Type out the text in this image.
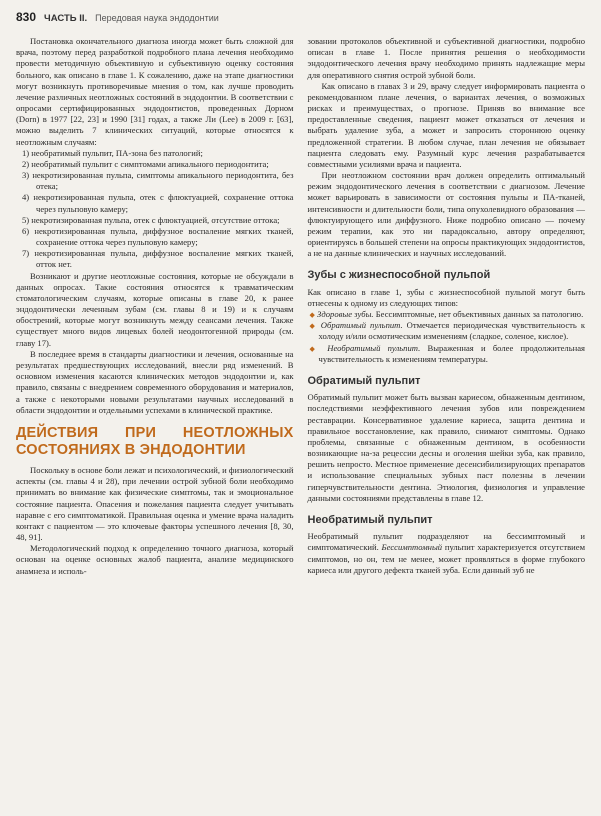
830 ЧАСТЬ II. Передовая наука эндодонтии

Постановка окончательного диагноза иногда может быть сложной для врача, поэтому перед разработкой подробного плана лечения необходимо провести методичную объективную и субъективную оценку состояния больного, как описано в главе 1. К сожалению, даже на этапе диагностики могут возникнуть противоречивые мнения о том, как лучше проводить лечение различных неотложных состояний в эндодонтии. В соответствии с опросами сертифицированных эндодонтистов, проведенных Дорном (Dorn) в 1977 [22, 23] и 1990 [31] годах, а также Ли (Lee) в 2009 г. [63], можно выделить 7 клинических ситуаций, которые относятся к неотложным случаям:

1) необратимый пульпит, ПА-зона без патологий;
2) необратимый пульпит с симптомами апикального периодонтита;
3) некротизированная пульпа, симптомы апикального периодонтита, без отека;
4) некротизированная пульпа, отек с флюктуацией, сохранение оттока через пульповую камеру;
5) некротизированная пульпа, отек с флюктуацией, отсутствие оттока;
6) некротизированная пульпа, диффузное воспаление мягких тканей, сохранение оттока через пульповую камеру;
7) некротизированная пульпа, диффузное воспаление мягких тканей, отток нет.

Возникают и другие неотложные состояния, которые не обсуждали в данных опросах. Такие состояния относятся к травматическим стоматологическим случаям, которые описаны в главе 20, к ранее эндодонтически леченным зубам (см. главы 8 и 19) и к случаям обострений, которые могут возникнуть между сеансами лечения. Также существует много видов лицевых болей неодонтогенной природы (см. главу 17).

В последнее время в стандарты диагностики и лечения, основанные на результатах предшествующих исследований, внесли ряд изменений. В основном изменения касаются клинических методов эндодонтии и, как правило, связаны с внедрением современного оборудования и материалов, а также с некоторыми новыми результатами научных исследований в области эндодонтии и отдельными успехами в клинической практике.

ДЕЙСТВИЯ ПРИ НЕОТЛОЖНЫХ СОСТОЯНИЯХ В ЭНДОДОНТИИ

Поскольку в основе боли лежат и психологический, и физиологический аспекты (см. главы 4 и 28), при лечении острой зубной боли необходимо принимать во внимание как физические симптомы, так и эмоциональное состояние пациента. Опасения и пожелания пациента следует учитывать наравне с его симптоматикой. Правильная оценка и умение врача наладить контакт с пациентом — это ключевые факторы успешного лечения [8, 30, 48, 91].

Методологический подход к определению точного диагноза, который основан на оценке основных жалоб пациента, анализе медицинского анамнеза и исполь-

зовании протоколов объективной и субъективной диагностики, подробно описан в главе 1. После принятия решения о необходимости эндодонтического лечения врачу необходимо принять надлежащие меры для оперативного снятия острой зубной боли.

Как описано в главах 3 и 29, врачу следует информировать пациента о рекомендованном плане лечения, о вариантах лечения, о возможных рисках и преимуществах, о прогнозе. Приняв во внимание все предоставленные сведения, пациент может отказаться от лечения и выбрать удаление зуба, а может и запросить стороннюю оценку предложенной стратегии. В любом случае, план лечения не обязывает пациента следовать ему. Разумный курс лечения разрабатывается совместными усилиями врача и пациента.

При неотложном состоянии врач должен определить оптимальный режим эндодонтического лечения в соответствии с диагнозом. Лечение может варьировать в зависимости от состояния пульпы и ПА-тканей, интенсивности и длительности боли, типа опухолевидного образования — флюктуирующего или диффузного. Ниже подробно описано — почему режим терапии, как это ни парадоксально, автору определяют, ориентируясь в большей степени на опросы практикующих эндодонтистов, а не на данные клинических и научных исследований.

Зубы с жизнеспособной пульпой

Как описано в главе 1, зубы с жизнеспособной пульпой могут быть отнесены к одному из следующих типов:

◆ Здоровые зубы. Бессимптомные, нет объективных данных за патологию.
◆ Обратимый пульпит. Отмечается периодическая чувствительность к холоду и/или осмотическим изменениям (сладкое, соленое, кислое).
◆ Необратимый пульпит. Выраженная и более продолжительная чувствительность к изменениям температуры.
Обратимый пульпит

Обратимый пульпит может быть вызван кариесом, обнаженным дентином, последствиями неэффективного лечения зубов или повреждением реставрации. Консервативное удаление кариеса, защита дентина и правильное восстановление, как правило, снимают симптомы. Однако проблемы, связанные с обнаженным дентином, в особенности возникающие на-за рецессии десны и оголения шейки зуба, как правило, решить непросто. Местное применение десенсибилизирующих препаратов и использование специальных зубных паст полезны в лечении гиперчувствительности дентина. Этиология, физиология и управление данными состояниями представлены в главе 12.

Необратимый пульпит

Необратимый пульпит подразделяют на бессимптомный и симптоматический. Бессимптомный пульпит характеризуется отсутствием симптомов, но он, тем не менее, может проявляться в форме глубокого кариеса или другого дефекта тканей зуба. Если данный зуб не
